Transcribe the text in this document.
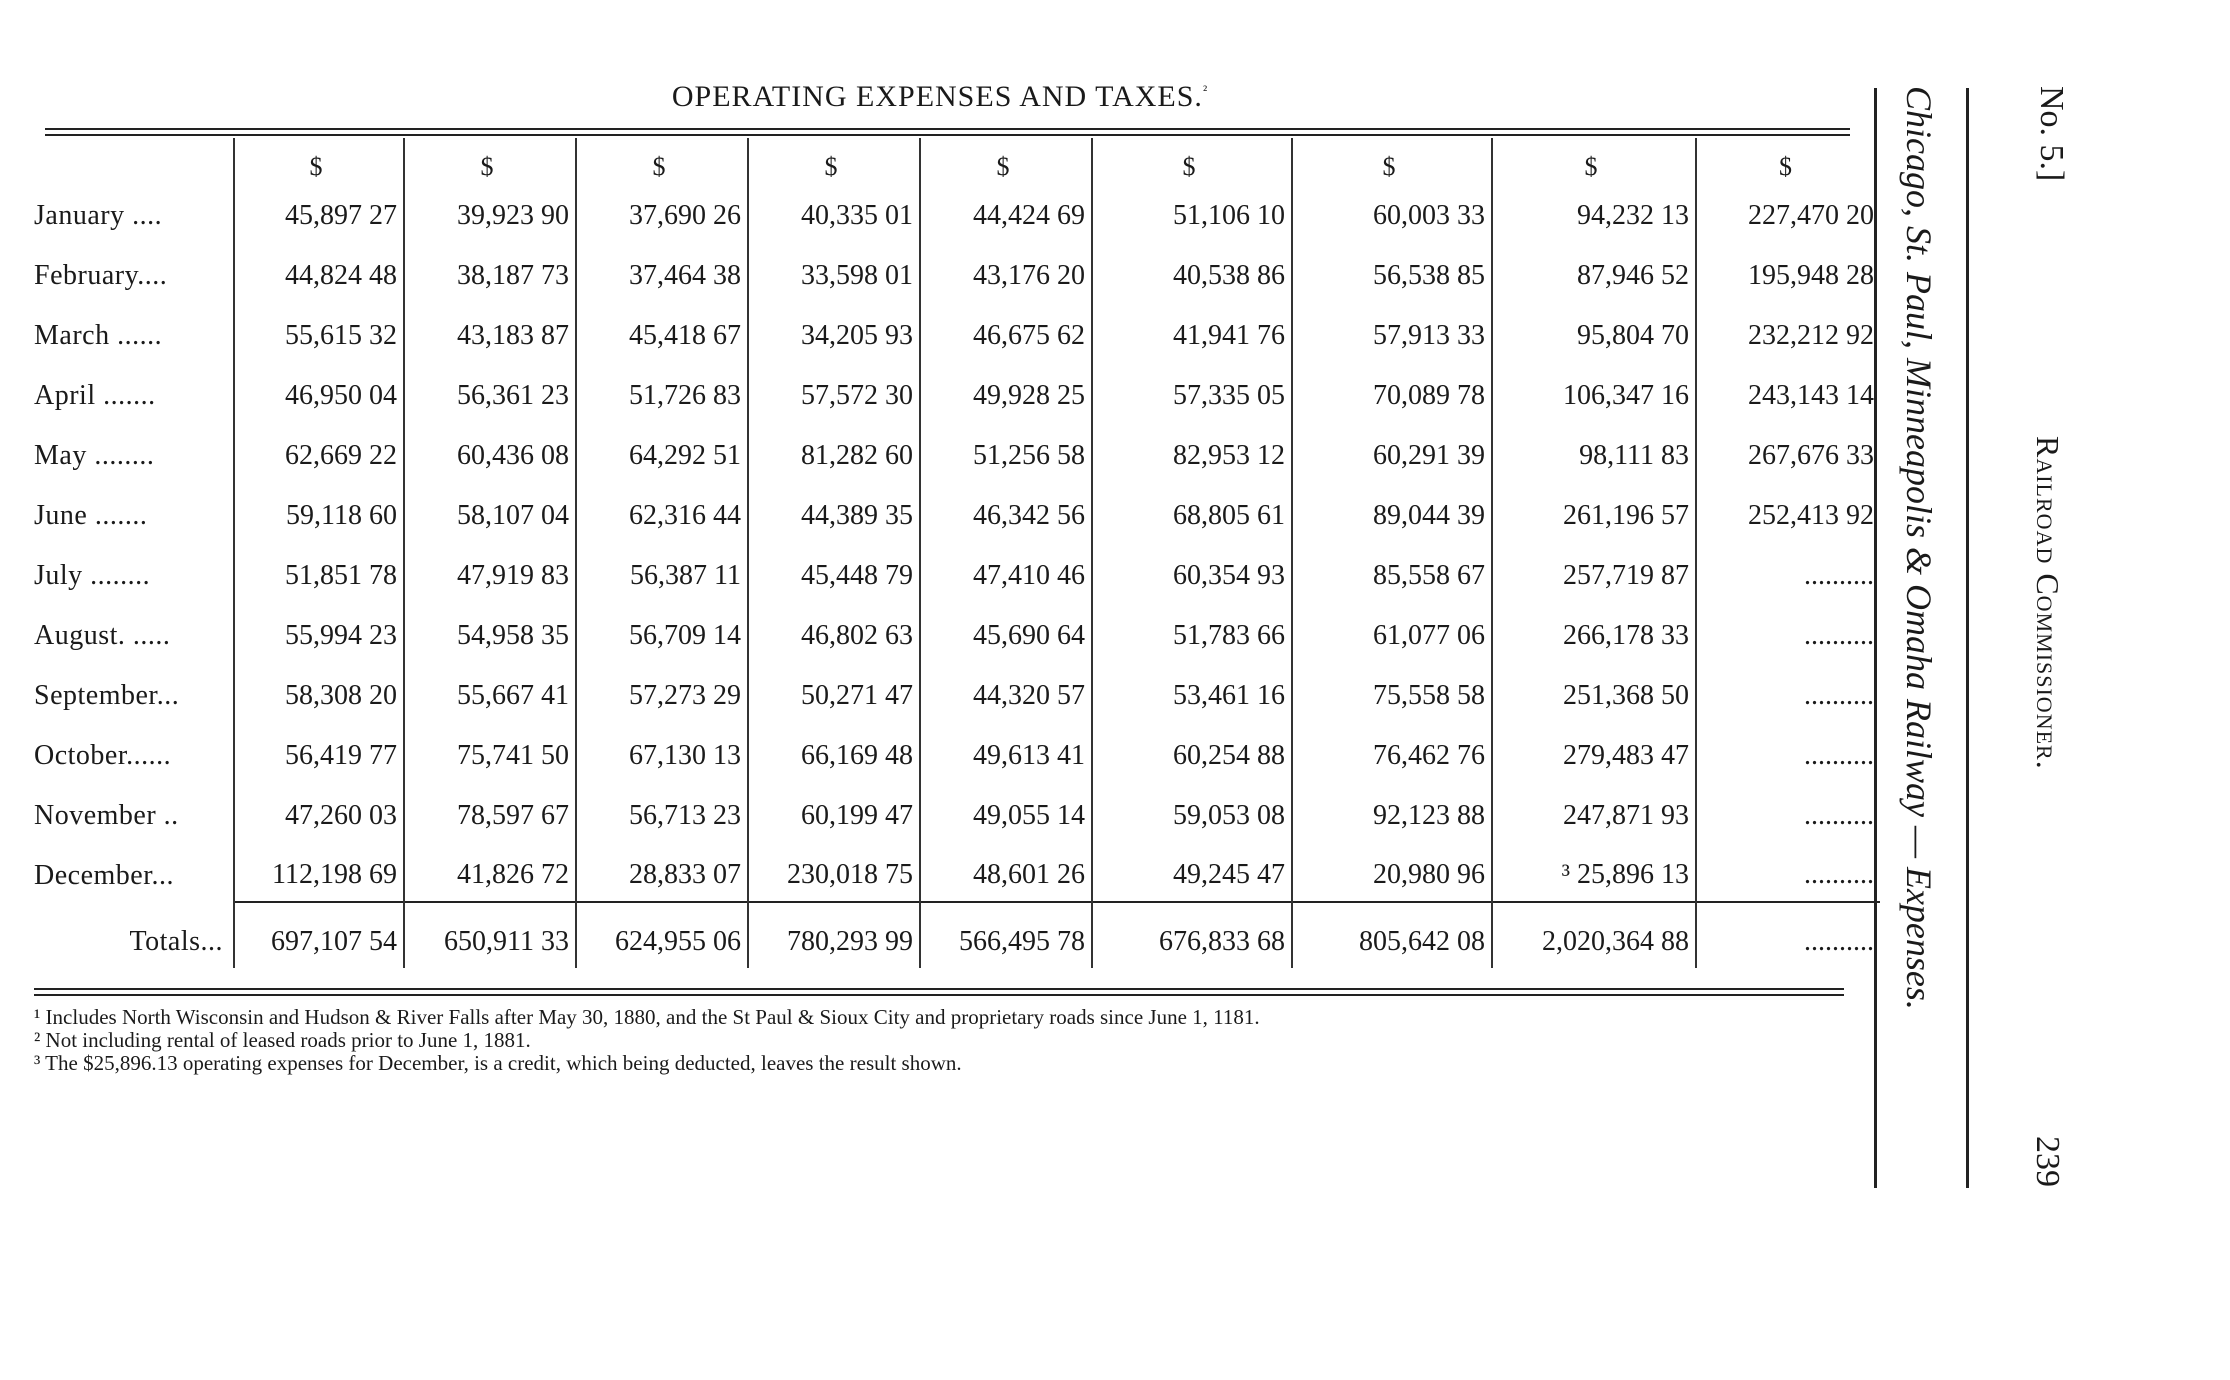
OPERATING EXPENSES AND TAXES.$^{^2}$
	$	$	$	$	$	$	$	$	$
January ....	45,897 27	39,923 90	37,690 26	40,335 01	44,424 69	51,106 10	60,003 33	94,232 13	227,470 20
February....	44,824 48	38,187 73	37,464 38	33,598 01	43,176 20	40,538 86	56,538 85	87,946 52	195,948 28
March ......	55,615 32	43,183 87	45,418 67	34,205 93	46,675 62	41,941 76	57,913 33	95,804 70	232,212 92
April .......	46,950 04	56,361 23	51,726 83	57,572 30	49,928 25	57,335 05	70,089 78	106,347 16	243,143 14
May ........	62,669 22	60,436 08	64,292 51	81,282 60	51,256 58	82,953 12	60,291 39	98,111 83	267,676 33
June .......	59,118 60	58,107 04	62,316 44	44,389 35	46,342 56	68,805 61	89,044 39	261,196 57	252,413 92
July ........	51,851 78	47,919 83	56,387 11	45,448 79	47,410 46	60,354 93	85,558 67	257,719 87	..........
August. .....	55,994 23	54,958 35	56,709 14	46,802 63	45,690 64	51,783 66	61,077 06	266,178 33	..........
September...	58,308 20	55,667 41	57,273 29	50,271 47	44,320 57	53,461 16	75,558 58	251,368 50	..........
October......	56,419 77	75,741 50	67,130 13	66,169 48	49,613 41	60,254 88	76,462 76	279,483 47	..........
November ..	47,260 03	78,597 67	56,713 23	60,199 47	49,055 14	59,053 08	92,123 88	247,871 93	..........
December...	112,198 69	41,826 72	28,833 07	230,018 75	48,601 26	49,245 47	20,980 96	³ 25,896 13	..........
Totals...	697,107 54	650,911 33	624,955 06	780,293 99	566,495 78	676,833 68	805,642 08	2,020,364 88	..........
¹ Includes North Wisconsin and Hudson & River Falls after May 30, 1880, and the St Paul & Sioux City and proprietary roads since June 1, 1181.
² Not including rental of leased roads prior to June 1, 1881.
³ The $25,896.13 operating expenses for December, is a credit, which being deducted, leaves the result shown.
Chicago, St. Paul, Minneapolis & Omaha Railway — Expenses.	No. 5.]
Railroad Commissioner.
239
